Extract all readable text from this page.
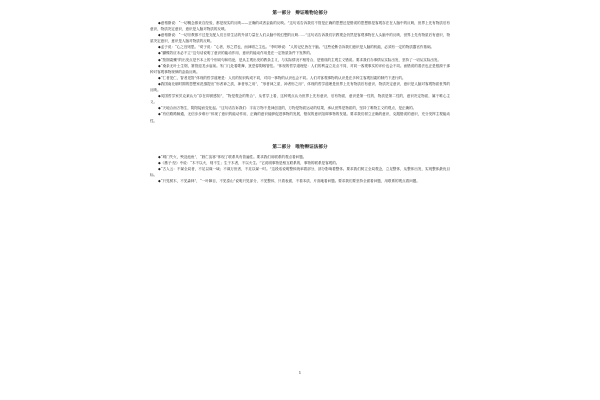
第一部分　辩证唯物论部分

◆意格斯说：“一切概念都来自经验，都是现实的反映——正确的或者歪曲的反映。”这句话告诉我们不管是正确的思想还是错误的思想都是客观存在在人脑中的反映，世界上先有物质后有意识，物质决定意识，意识是人脑对物质的反映。

◆意格斯说：“一切宗教都不过是支配人们日常生活的外部力量在人们头脑中的幻想的反映……”这句话告诉我们宗教观念仍然是客观事物在人头脑中的反映，世界上先有物质后有意识，物质决定意识，意识是人脑对物质的反映。

◆孟子说：“心之官则思。”荀子说：“心者，形之君也，而神明之主也。”李时珍说：“人的记忆皆在于脑。”这些论断告诉我们意识是人脑的机能，必须有一定的物质器官作基础。

◆“蝴蝶效应未必不立”这句话说明了意识的能动作用，意识的能动作用是在一定物质条件下发挥的。

◆“按图索骥”的出发点是书本上的个别词句和结论，是从主观出发的教条主义，与实际情况不相符合，是错误的主观主义错误。要求我们办事情从实际出发，坚持了一切从实际出发。

◆“桑条无叶土生烟，箫管迎龙水庙前。朱门几处看歌舞，犹恐春阴咽管弦。”体现的哲学道理是：人们的利益立足点不同，对同一客观事实的评价也会不同。而错误的看法也正是根源于那种对客观事物规律的歪曲反映。

◆“仁者见仁，智者见智”体现的哲学道理是：人们的知识构成不同，对同一事物的认识也会不同。人们对客观事物的认识是在多种主客观因素的制约下进行的。

◆我国南北朝时期的思想家范缜提出“形者神之质，神者形之用”，“形者神之质，神者形之用”，体现的哲学道理是世界上先有物质后有意识，物质决定意识，意识是人脑对客观物质世界的反映。

◆英国哲学家贝克莱认为“存在即被感知”，“物是观念的集合”，从哲学上看，这种观点认为世界上先有意识，后有物质，意识是第一性的，物质是第二性的，意识决定物质，属于唯心主义。

◆“天地合而万物生，阴阳接而变化起。”这句话告诉我们：宇宙万物不是神创造的，万物是物质运动的结果，承认世界是物质的，坚持了唯物主义的观点，是正确的。

◆“有信路路畅通，无信步步难行”体现了意识的能动作用，正确的意识能够促进事物的发展，错误的意识阻碍事物的发展。要求我们树立正确的意识，克服错误的意识，充分发挥主观能动性。

第二部分　唯物辩证法部分

◆“城门失火，殃及池鱼”，“唇亡齿寒”体现了联系具有普遍性。要求我们用联系的观点看问题。

◆《墨子·经》中说：“木不以火，则不生；生于木者，不以火生。”它说明事物是相互联系的，事物的联系是客观的。

◆“古人云：不谋全局者，不足以谋一域；不谋万世者，不足以谋一时。”这段话说明整体统率着部分，部分影响着整体。要求我们树立全局观念，立足整体，从整体出发，实现整体最优目标。

◆“只见树木，不见森林”，“一叶障目，不见泰山”说明只见部分，不见整体，只看表面，不看本质，片面地看问题。要求我们要坚持全面看问题，用联系的观点看问题。

1
